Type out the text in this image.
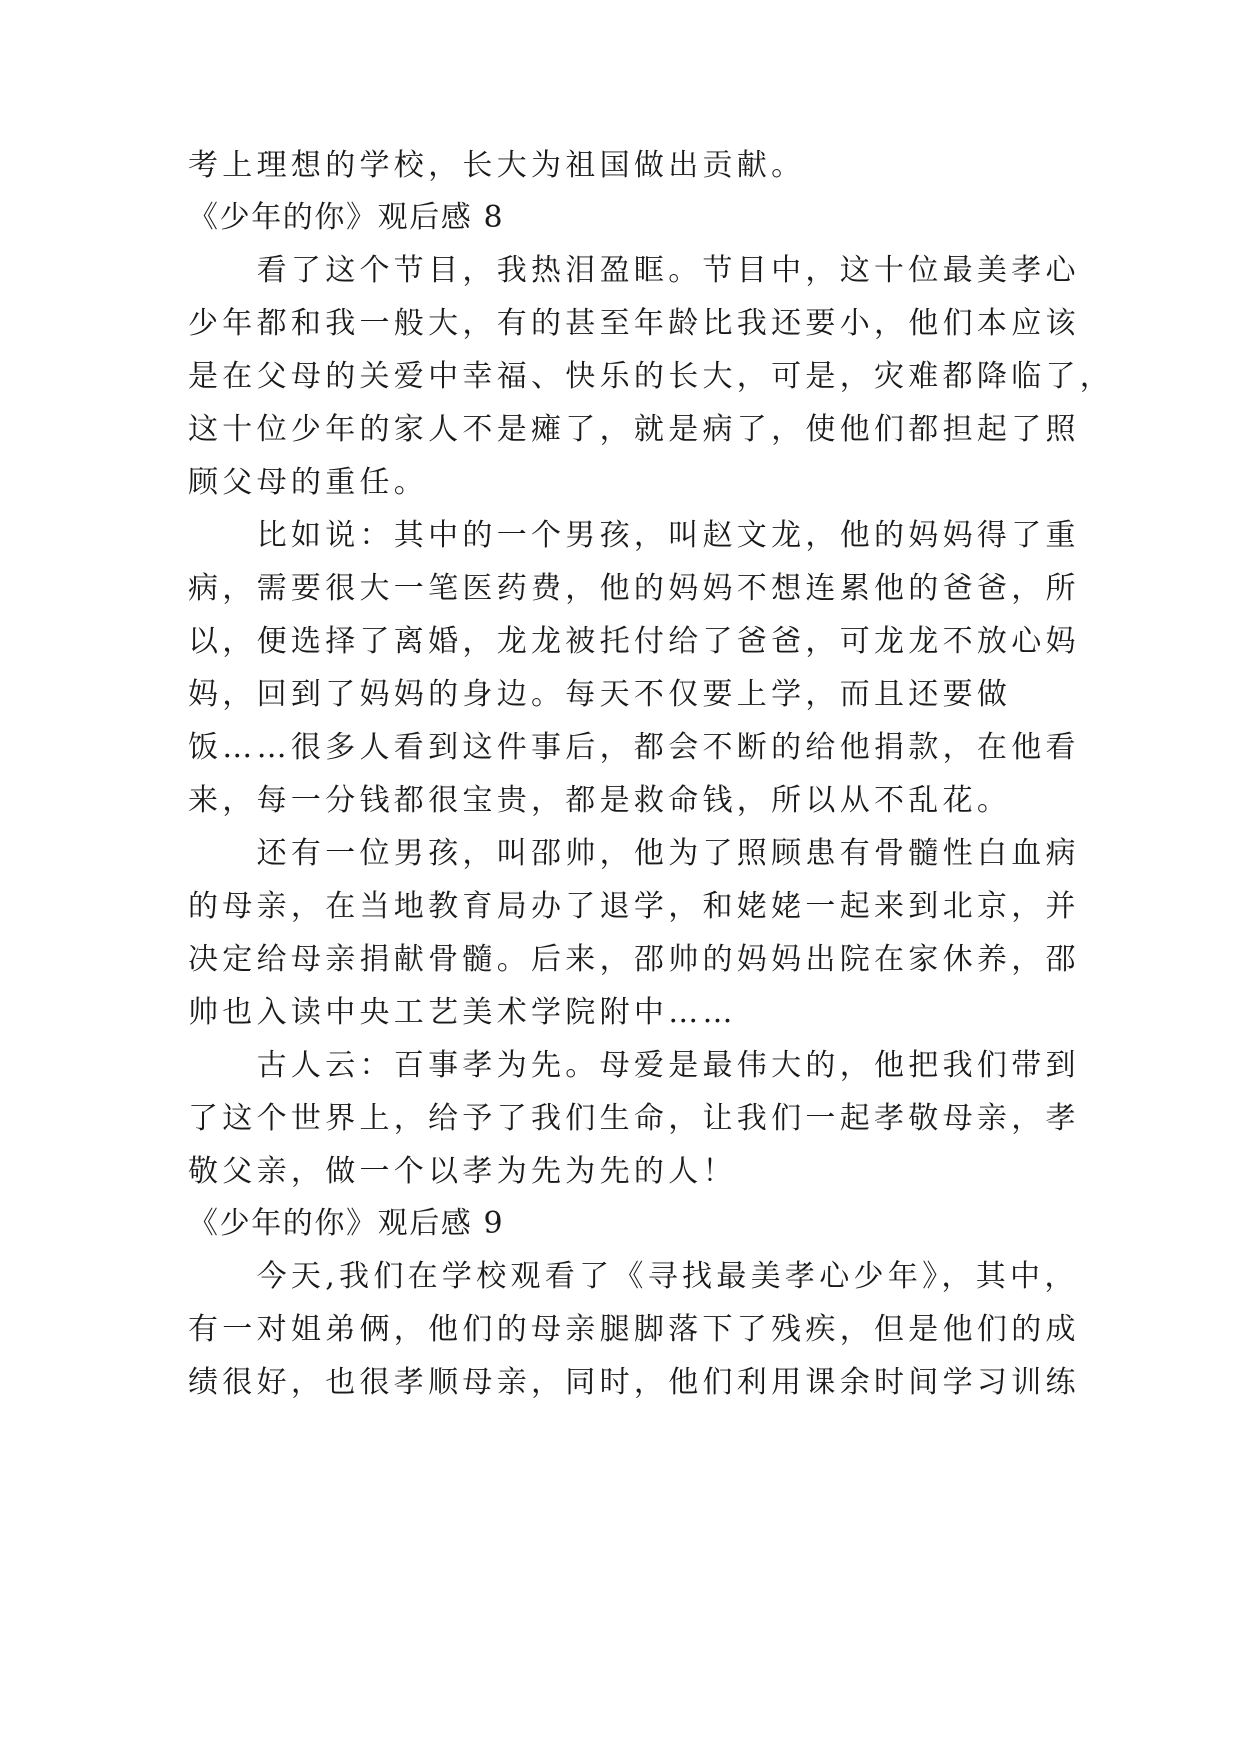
考上理想的学校，长大为祖国做出贡献。
《少年的你》观后感 8
　　看了这个节目，我热泪盈眶。节目中，这十位最美孝心
少年都和我一般大，有的甚至年龄比我还要小，他们本应该
是在父母的关爱中幸福、快乐的长大，可是，灾难都降临了，
这十位少年的家人不是瘫了，就是病了，使他们都担起了照
顾父母的重任。
　　比如说：其中的一个男孩，叫赵文龙，他的妈妈得了重
病，需要很大一笔医药费，他的妈妈不想连累他的爸爸，所
以，便选择了离婚，龙龙被托付给了爸爸，可龙龙不放心妈
妈，回到了妈妈的身边。每天不仅要上学，而且还要做
饭……很多人看到这件事后，都会不断的给他捐款，在他看
来，每一分钱都很宝贵，都是救命钱，所以从不乱花。
　　还有一位男孩，叫邵帅，他为了照顾患有骨髓性白血病
的母亲，在当地教育局办了退学，和姥姥一起来到北京，并
决定给母亲捐献骨髓。后来，邵帅的妈妈出院在家休养，邵
帅也入读中央工艺美术学院附中……
　　古人云：百事孝为先。母爱是最伟大的，他把我们带到
了这个世界上，给予了我们生命，让我们一起孝敬母亲，孝
敬父亲，做一个以孝为先为先的人！
《少年的你》观后感 9
　　今天,我们在学校观看了《寻找最美孝心少年》，其中，
有一对姐弟俩，他们的母亲腿脚落下了残疾，但是他们的成
绩很好，也很孝顺母亲，同时，他们利用课余时间学习训练
